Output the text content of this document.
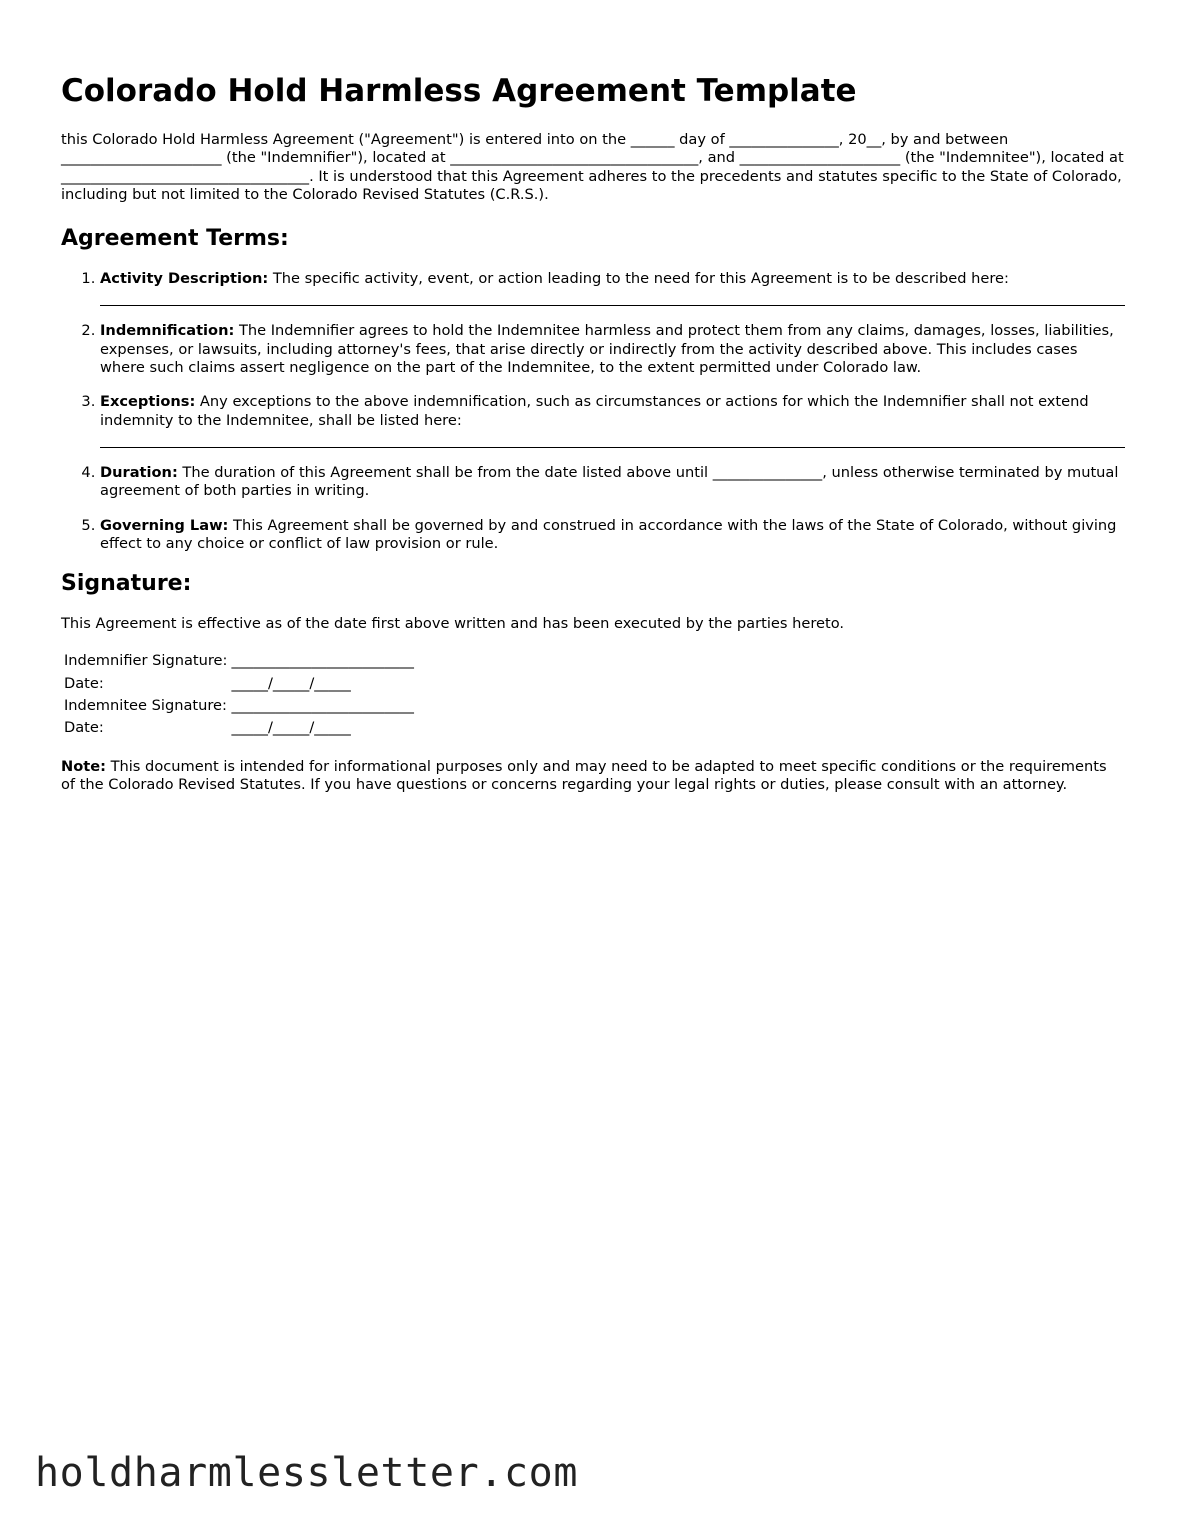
Colorado Hold Harmless Agreement Template

this Colorado Hold Harmless Agreement ("Agreement") is entered into on the ______ day of _______________, 20__, by and between ______________________ (the "Indemnifier"), located at __________________________________, and ______________________ (the "Indemnitee"), located at __________________________________. It is understood that this Agreement adheres to the precedents and statutes specific to the State of Colorado, including but not limited to the Colorado Revised Statutes (C.R.S.).

Agreement Terms:
1. Activity Description: The specific activity, event, or action leading to the need for this Agreement is to be described here:
2. Indemnification: The Indemnifier agrees to hold the Indemnitee harmless and protect them from any claims, damages, losses, liabilities, expenses, or lawsuits, including attorney's fees, that arise directly or indirectly from the activity described above. This includes cases where such claims assert negligence on the part of the Indemnitee, to the extent permitted under Colorado law.
3. Exceptions: Any exceptions to the above indemnification, such as circumstances or actions for which the Indemnifier shall not extend indemnity to the Indemnitee, shall be listed here:
4. Duration: The duration of this Agreement shall be from the date listed above until _______________, unless otherwise terminated by mutual agreement of both parties in writing.
5. Governing Law: This Agreement shall be governed by and construed in accordance with the laws of the State of Colorado, without giving effect to any choice or conflict of law provision or rule.
Signature:

This Agreement is effective as of the date first above written and has been executed by the parties hereto.

Indemnifier Signature:	_________________________
Date:	_____/_____/_____
Indemnitee Signature:	_________________________
Date:	_____/_____/_____

Note: This document is intended for informational purposes only and may need to be adapted to meet specific conditions or the requirements of the Colorado Revised Statutes. If you have questions or concerns regarding your legal rights or duties, please consult with an attorney.

holdharmlessletter.com
